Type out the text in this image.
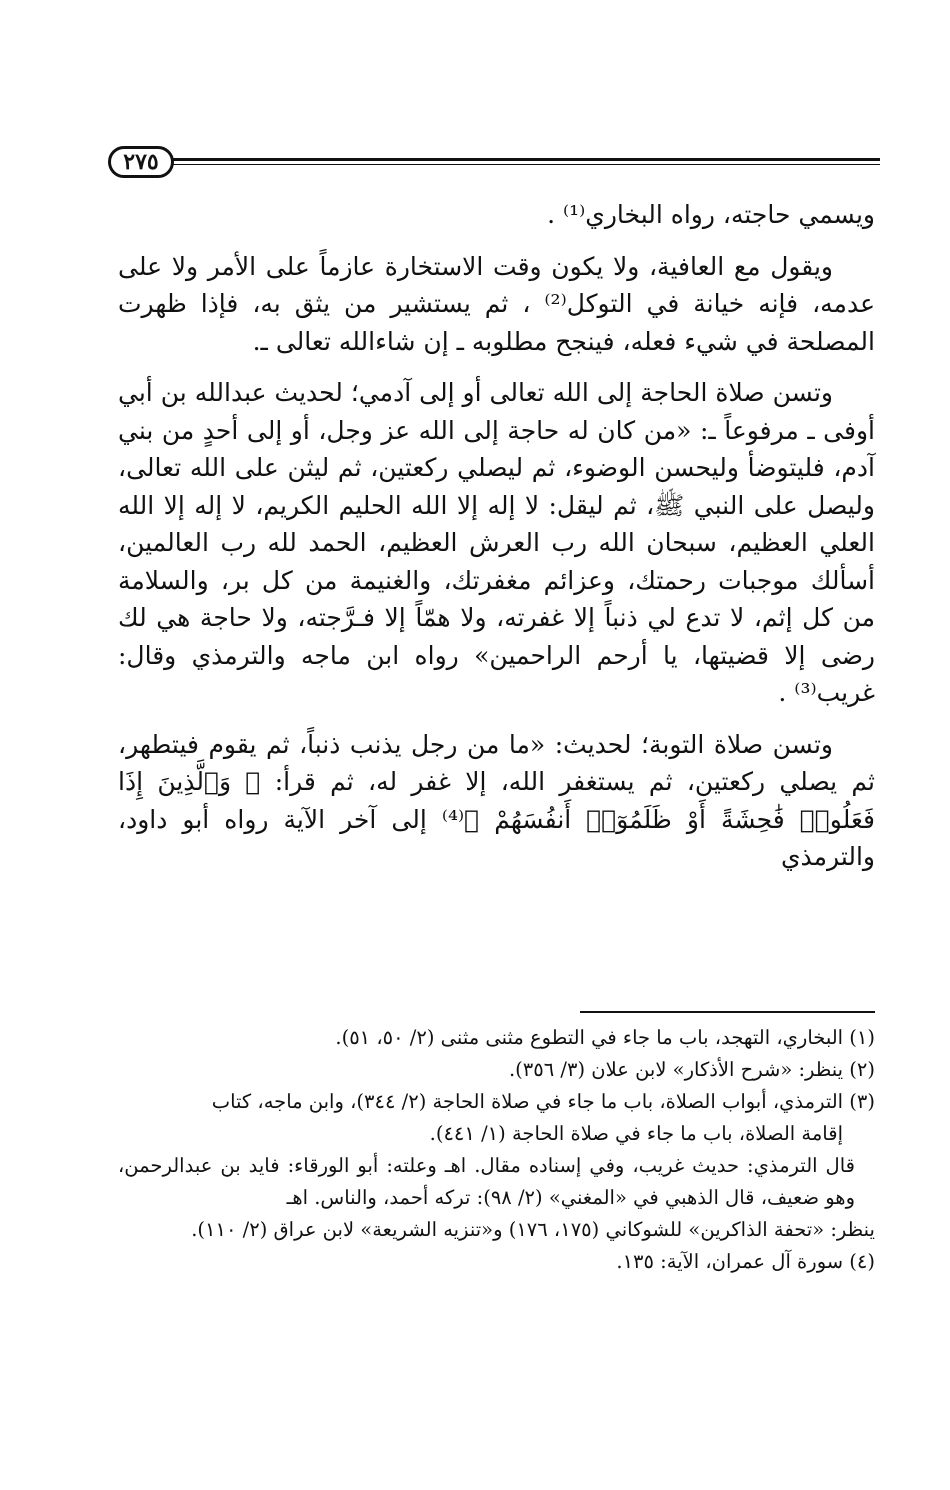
٢٧٥

ويسمي حاجته، رواه البخاري⁽¹⁾ .

ويقول مع العافية، ولا يكون وقت الاستخارة عازماً على الأمر ولا على عدمه، فإنه خيانة في التوكل⁽²⁾ ، ثم يستشير من يثق به، فإذا ظهرت المصلحة في شيء فعله، فينجح مطلوبه ـ إن شاءالله تعالى ـ.

وتسن صلاة الحاجة إلى الله تعالى أو إلى آدمي؛ لحديث عبدالله بن أبي أوفى ـ مرفوعاً ـ: «من كان له حاجة إلى الله عز وجل، أو إلى أحدٍ من بني آدم، فليتوضأ وليحسن الوضوء، ثم ليصلي ركعتين، ثم ليثن على الله تعالى، وليصل على النبي ﷺ، ثم ليقل: لا إله إلا الله الحليم الكريم، لا إله إلا الله العلي العظيم، سبحان الله رب العرش العظيم، الحمد لله رب العالمين، أسألك موجبات رحمتك، وعزائم مغفرتك، والغنيمة من كل بر، والسلامة من كل إثم، لا تدع لي ذنباً إلا غفرته، ولا همّاً إلا فـرَّجته، ولا حاجة هي لك رضى إلا قضيتها، يا أرحم الراحمين» رواه ابن ماجه والترمذي وقال: غريب⁽³⁾ .

وتسن صلاة التوبة؛ لحديث: «ما من رجل يذنب ذنباً، ثم يقوم فيتطهر، ثم يصلي ركعتين، ثم يستغفر الله، إلا غفر له، ثم قرأ: ﴿ وَٱلَّذِينَ إِذَا فَعَلُوا۟ فَٰحِشَةً أَوْ ظَلَمُوٓا۟ أَنفُسَهُمْ ﴾⁽⁴⁾ إلى آخر الآية رواه أبو داود، والترمذي

(١) البخاري، التهجد، باب ما جاء في التطوع مثنى مثنى (٢/ ٥٠، ٥١).

(٢) ينظر: «شرح الأذكار» لابن علان (٣/ ٣٥٦).

(٣) الترمذي، أبواب الصلاة، باب ما جاء في صلاة الحاجة (٢/ ٣٤٤)، وابن ماجه، كتاب

إقامة الصلاة، باب ما جاء في صلاة الحاجة (١/ ٤٤١).

قال الترمذي: حديث غريب، وفي إسناده مقال. اهـ وعلته: أبو الورقاء: فايد بن عبدالرحمن، وهو ضعيف، قال الذهبي في «المغني» (٢/ ٩٨): تركه أحمد، والناس. اهـ

ينظر: «تحفة الذاكرين» للشوكاني (١٧٥، ١٧٦) و«تنزيه الشريعة» لابن عراق (٢/ ١١٠).

(٤) سورة آل عمران، الآية: ١٣٥.
